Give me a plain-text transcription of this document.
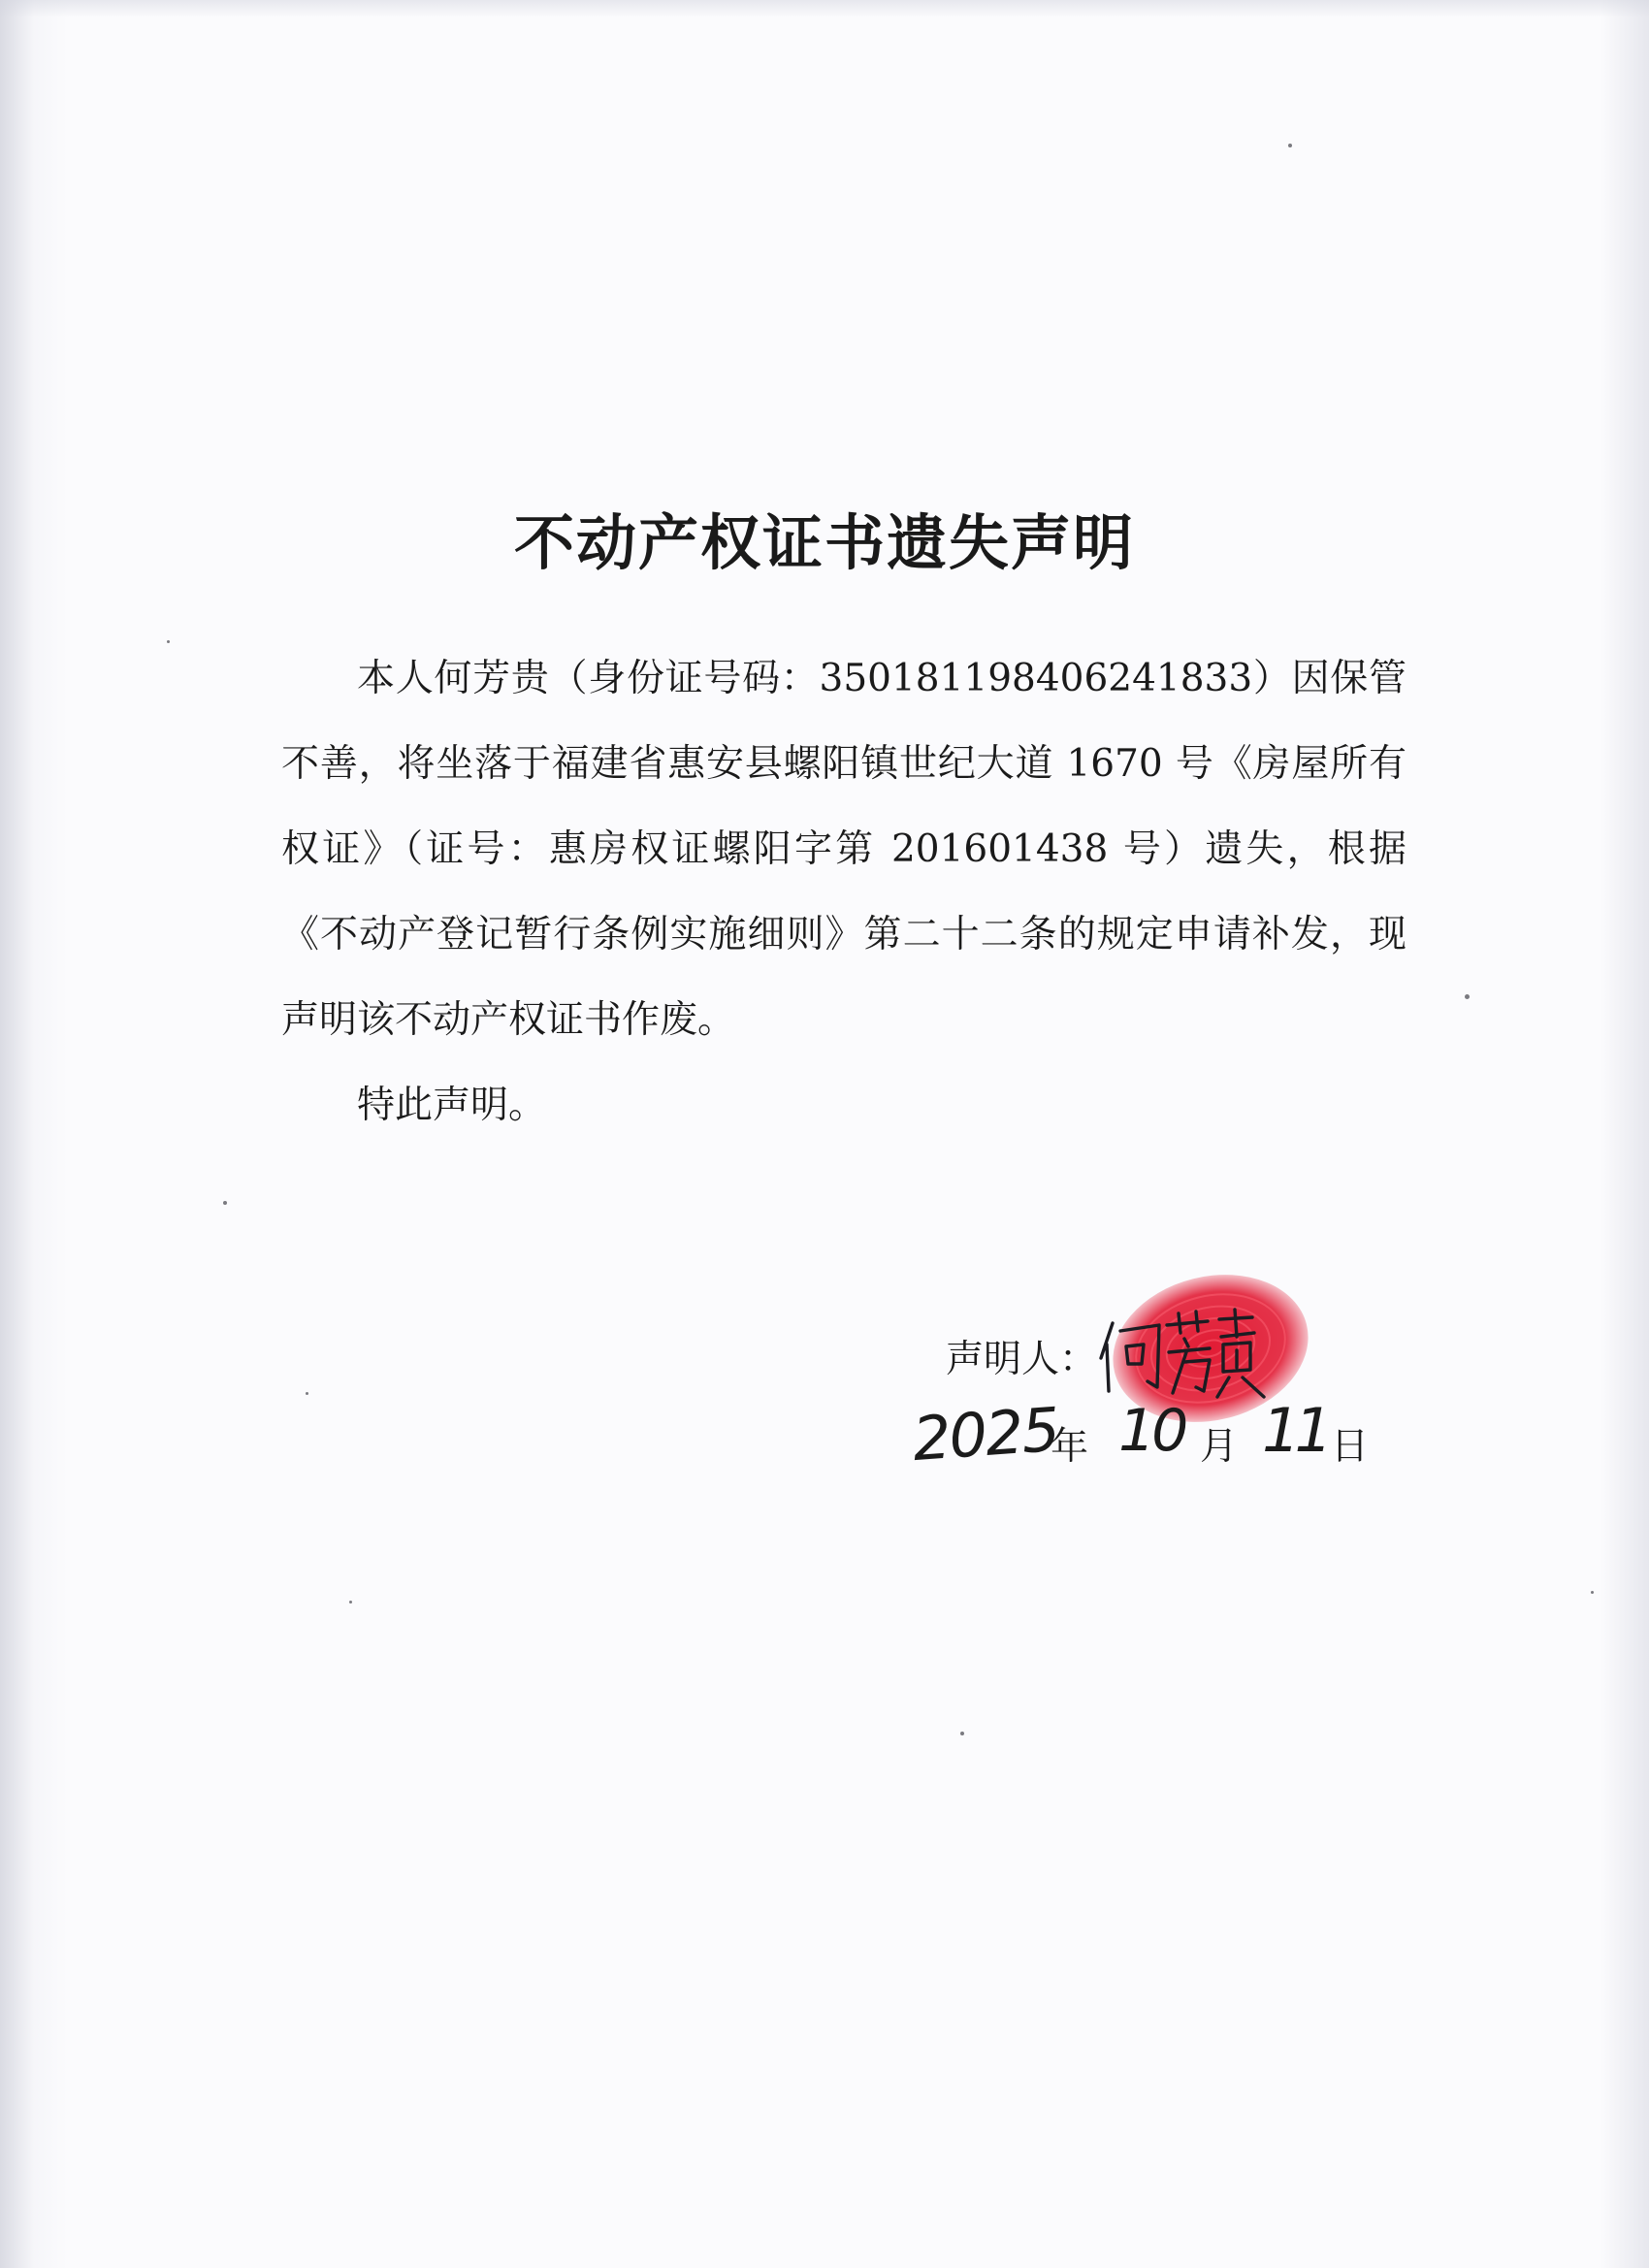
不动产权证书遗失声明

本人何芳贵（身份证号码：350181198406241833）因保管不善，将坐落于福建省惠安县螺阳镇世纪大道 1670 号《房屋所有权证》（证号：惠房权证螺阳字第 201601438 号）遗失，根据《不动产登记暂行条例实施细则》第二十二条的规定申请补发，现声明该不动产权证书作废。

特此声明。

声明人：
2025
年 10 月 11 日
